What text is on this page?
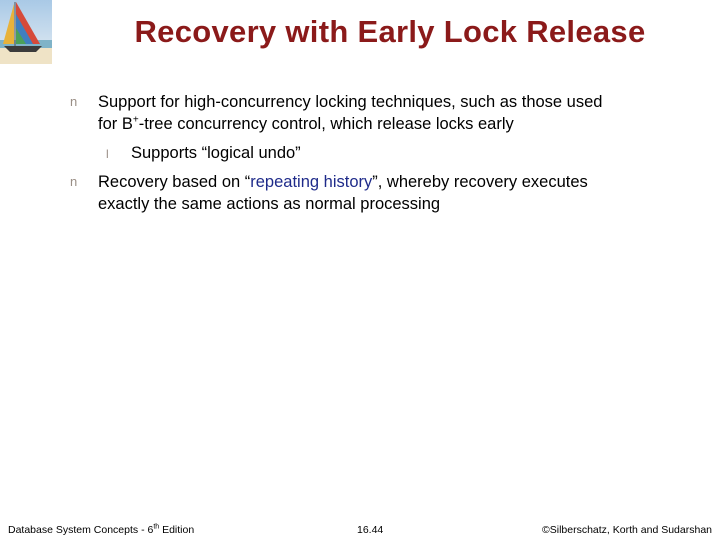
Recovery with Early Lock Release
n Support for high-concurrency locking techniques, such as those used
for B+-tree concurrency control, which release locks early
l Supports “logical undo”
n Recovery based on “repeating history”, whereby recovery executes
exactly the same actions as normal processing
Database System Concepts - 6th Edition	16.44	©Silberschatz, Korth and Sudarshan
